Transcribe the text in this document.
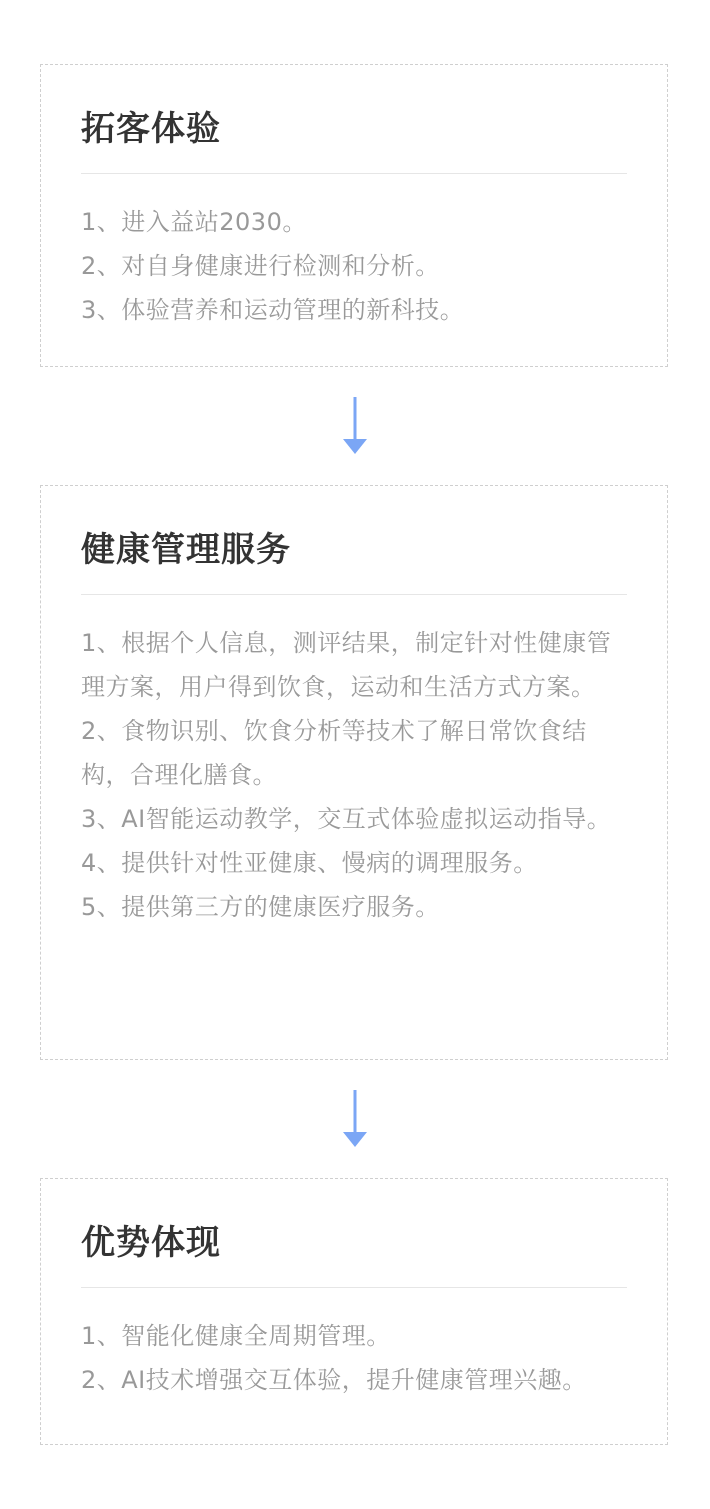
拓客体验
1、进入益站2030。
2、对自身健康进行检测和分析。
3、体验营养和运动管理的新科技。
健康管理服务
1、根据个人信息，测评结果，制定针对性健康管理方案，用户得到饮食，运动和生活方式方案。
2、食物识别、饮食分析等技术了解日常饮食结构，合理化膳食。
3、AI智能运动教学，交互式体验虚拟运动指导。
4、提供针对性亚健康、慢病的调理服务。
5、提供第三方的健康医疗服务。
优势体现
1、智能化健康全周期管理。
2、AI技术增强交互体验，提升健康管理兴趣。
